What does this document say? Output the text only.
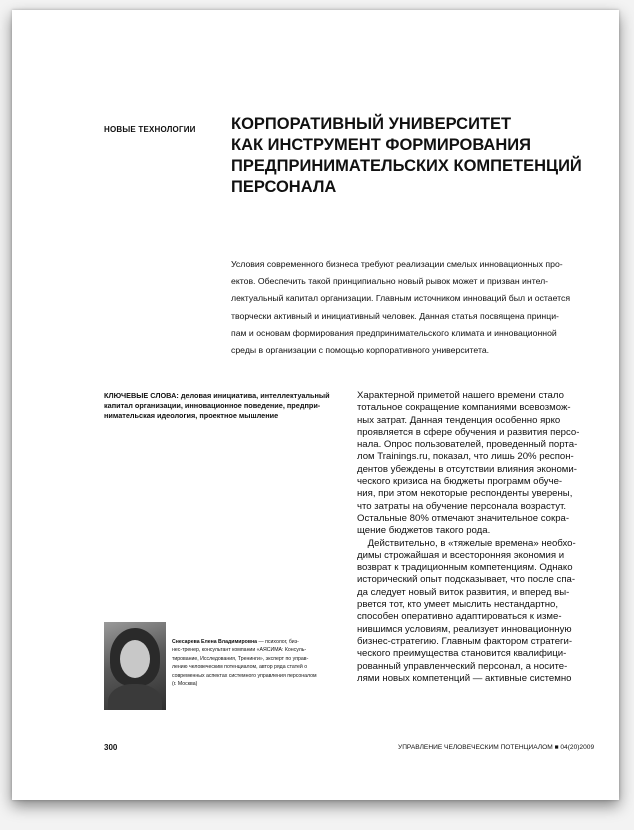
НОВЫЕ ТЕХНОЛОГИИ КОРПОРАТИВНЫЙ УНИВЕРСИТЕТ
КАК ИНСТРУМЕНТ ФОРМИРОВАНИЯ
ПРЕДПРИНИМАТЕЛЬСКИХ КОМПЕТЕНЦИЙ
ПЕРСОНАЛА
Условия современного бизнеса требуют реализации смелых инновационных про-
ектов. Обеспечить такой принципиально новый рывок может и призван интел-
лектуальный капитал организации. Главным источником инноваций был и остается
творчески активный и инициативный человек. Данная статья посвящена принци-
пам и основам формирования предпринимательского климата и инновационной
среды в организации с помощью корпоративного университета.
КЛЮЧЕВЫЕ СЛОВА: деловая инициатива, интеллектуальный
капитал организации, инновационное поведение, предпри-
нимательская идеология, проектное мышление
Характерной приметой нашего времени стало
тотальное сокращение компаниями всевозмож-
ных затрат. Данная тенденция особенно ярко
проявляется в сфере обучения и развития персо-
нала. Опрос пользователей, проведенный портa-
лом Trainings.ru, показал, что лишь 20% респон-
дентов убеждены в отсутствии влияния экономи-
ческого кризиса на бюджеты программ обуче-
ния, при этом некоторые респонденты уверены,
что затраты на обучение персонала возрастут.
Остальные 80% отмечают значительное сокра-
щение бюджетов такого рода.
Действительно, в «тяжелые времена» необхо-
димы строжайшая и всесторонняя экономия и
возврат к традиционным компетенциям. Однако
исторический опыт подсказывает, что после спа-
да следует новый виток развития, и вперед вы-
рвется тот, кто умеет мыслить нестандартно,
способен оперативно адаптироваться к изме-
нившимся условиям, реализует инновационную
бизнес-стратегию. Главным фактором стратеги-
ческого преимущества становится квалифици-
рованный управленческий персонал, а носите-
лями новых компетенций — активные системно
Снесарева Елена Владимировна — психолог, биз-
нес-тренер, консультант компании «АЯСИМА: Консуль-
тирование, Исследования, Тренинги», эксперт по управ-
лению человеческим потенциалом, автор ряда статей о
современных аспектах системного управления персоналом
(г. Москва)
300	УПРАВЛЕНИЕ ЧЕЛОВЕЧЕСКИМ ПОТЕНЦИАЛОМ ■ 04(20)2009
